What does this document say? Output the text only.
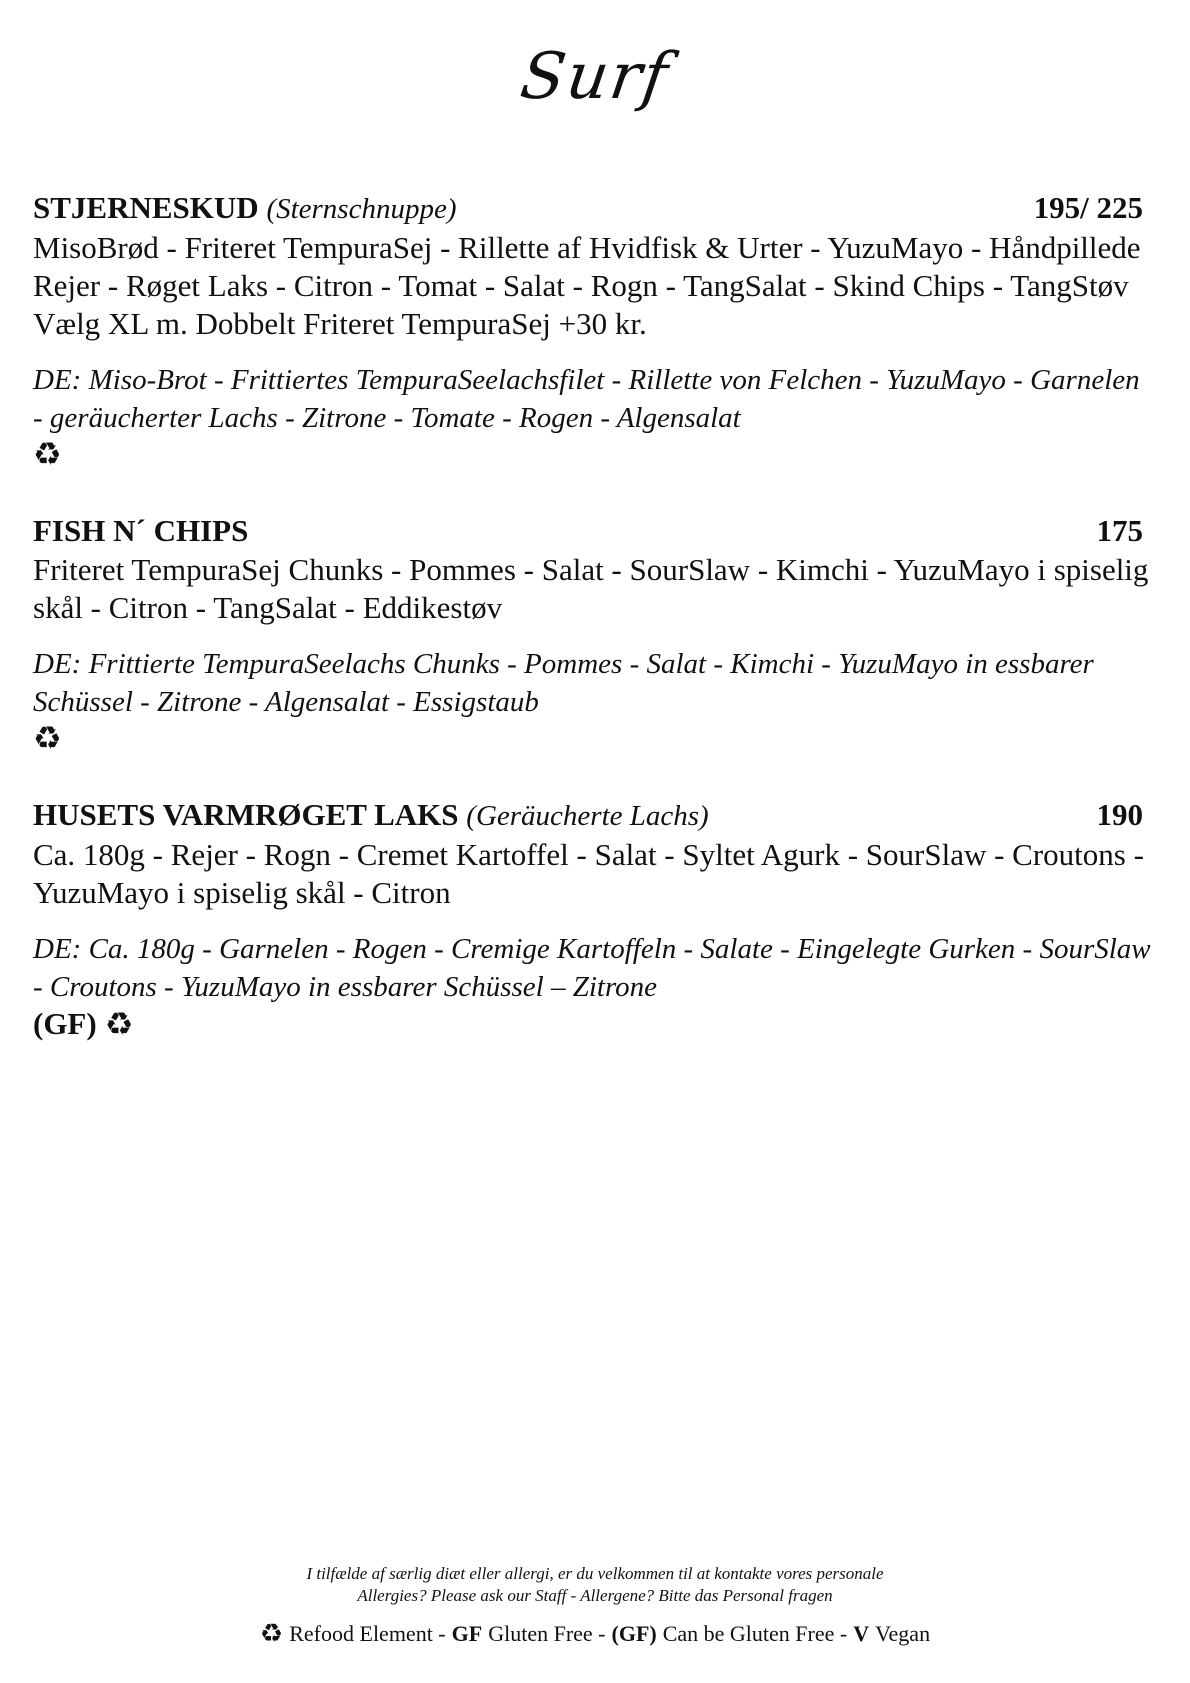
Surf
STJERNESKUD (Sternschnuppe)	195/ 225
MisoBrød - Friteret TempuraSej - Rillette af Hvidfisk & Urter - YuzuMayo - Håndpillede Rejer - Røget Laks - Citron - Tomat - Salat - Rogn - TangSalat - Skind Chips - TangStøv
Vælg XL m. Dobbelt Friteret TempuraSej +30 kr.
DE: Miso-Brot - Frittiertes TempuraSeelachsfilet - Rillette von Felchen - YuzuMayo - Garnelen - geräucherter Lachs - Zitrone - Tomate - Rogen - Algensalat
♻
FISH N´ CHIPS	175
Friteret TempuraSej Chunks - Pommes - Salat - SourSlaw - Kimchi - YuzuMayo i spiselig skål - Citron - TangSalat - Eddikestøv
DE: Frittierte TempuraSeelachs Chunks - Pommes - Salat - Kimchi - YuzuMayo in essbarer Schüssel - Zitrone - Algensalat - Essigstaub
♻
HUSETS VARMRØGET LAKS (Geräucherte Lachs)	190
Ca. 180g - Rejer - Rogn - Cremet Kartoffel - Salat - Syltet Agurk - SourSlaw - Croutons - YuzuMayo i spiselig skål - Citron
DE: Ca. 180g - Garnelen - Rogen - Cremige Kartoffeln - Salate - Eingelegte Gurken - SourSlaw - Croutons - YuzuMayo in essbarer Schüssel – Zitrone
(GF) ♻
I tilfælde af særlig diæt eller allergi, er du velkommen til at kontakte vores personale
Allergies? Please ask our Staff - Allergene? Bitte das Personal fragen
♻ Refood Element - GF Gluten Free - (GF) Can be Gluten Free - V Vegan
